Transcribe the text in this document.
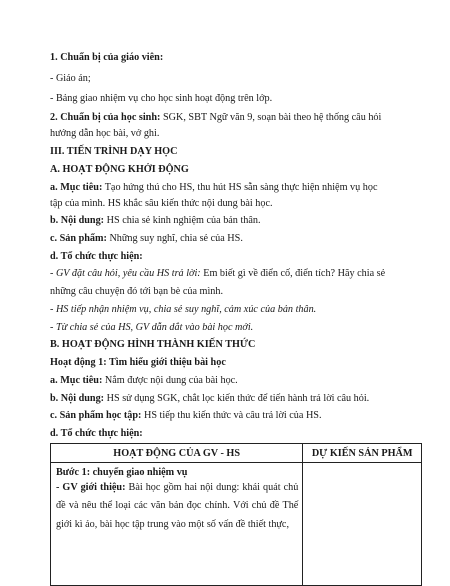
1. Chuẩn bị của giáo viên:
- Giáo án;
- Bảng giao nhiệm vụ cho học sinh hoạt động trên lớp.
2. Chuẩn bị của học sinh: SGK, SBT Ngữ văn 9, soạn bài theo hệ thống câu hỏi
hướng dẫn học bài, vở ghi.
III. TIẾN TRÌNH DẠY HỌC
A. HOẠT ĐỘNG KHỞI ĐỘNG
a. Mục tiêu: Tạo hứng thú cho HS, thu hút HS sẵn sàng thực hiện nhiệm vụ học
tập của mình. HS khắc sâu kiến thức nội dung bài học.
b. Nội dung: HS chia sẻ kinh nghiệm của bản thân.
c. Sản phẩm: Những suy nghĩ, chia sẻ của HS.
d. Tổ chức thực hiện:
- GV đặt câu hỏi, yêu cầu HS trả lời: Em biết gì về điển cố, điển tích? Hãy chia sẻ
những câu chuyện đó tới bạn bè của mình.
- HS tiếp nhận nhiệm vụ, chia sẻ suy nghĩ, cảm xúc của bản thân.
- Từ chia sẻ của HS, GV dẫn dắt vào bài học mới.
B. HOẠT ĐỘNG HÌNH THÀNH KIẾN THỨC
Hoạt động 1: Tìm hiểu giới thiệu bài học
a. Mục tiêu: Nắm được nội dung của bài học.
b. Nội dung: HS sử dụng SGK, chắt lọc kiến thức để tiến hành trả lời câu hỏi.
c. Sản phẩm học tập: HS tiếp thu kiến thức và câu trả lời của HS.
d. Tổ chức thực hiện:
HOẠT ĐỘNG CỦA GV - HS	DỰ KIẾN SẢN PHẨM

Bước 1: chuyển giao nhiệm vụ
- GV giới thiệu: Bài học gồm hai nội dung: khái quát chủ đề và nêu thể loại các văn bản đọc chính. Với chủ đề Thế giới kì ảo, bài học tập trung vào một số vấn đề thiết thực,	
